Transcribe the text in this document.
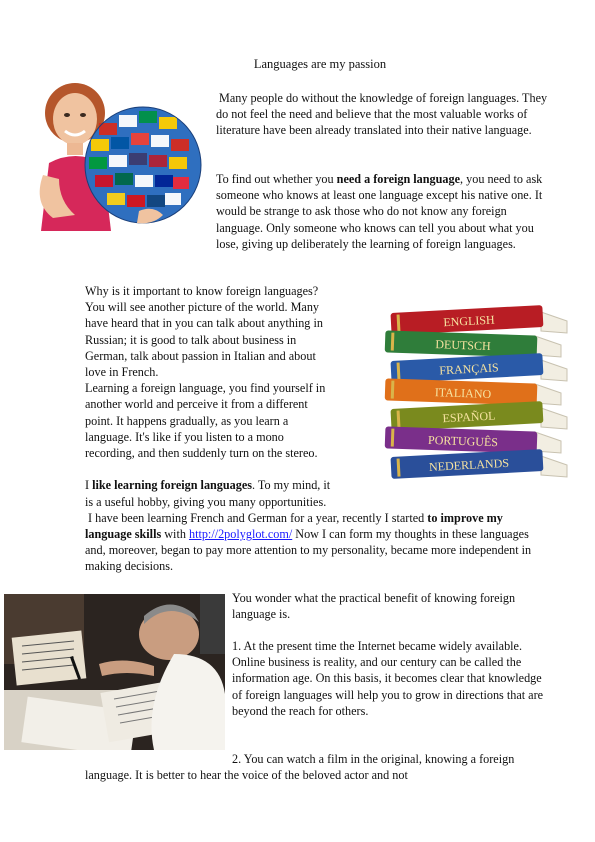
Languages are my passion

Many people do without the knowledge of foreign languages. They do not feel the need and believe that the most valuable works of literature have been already translated into their native language.

To find out whether you need a foreign language, you need to ask someone who knows at least one language except his native one. It would be strange to ask those who do not know any foreign language. Only someone who knows can tell you about what you lose, giving up deliberately the learning of foreign languages.

ENGLISH
DEUTSCH
FRANÇAIS
ITALIANO
ESPAÑOL
PORTUGUÊS
NEDERLANDS

Why is it important to know foreign languages? You will see another picture of the world. Many have heard that in you can talk about anything in Russian; it is good to talk about business in German, talk about passion in Italian and about love in French.
Learning a foreign language, you find yourself in another world and perceive it from a different point. It happens gradually, as you learn a language. It's like if you listen to a mono recording, and then suddenly turn on the stereo.

I like learning foreign languages. To my mind, it is a useful hobby, giving you many opportunities.
I have been learning French and German for a year, recently I started to improve my language skills with http://2polyglot.com/ Now I can form my thoughts in these languages and, moreover, began to pay more attention to my personality, became more independent in making decisions.

You wonder what the practical benefit of knowing foreign language is.

1. At the present time the Internet became widely available. Online business is reality, and our century can be called the information age. On this basis, it becomes clear that knowledge of foreign languages will help you to grow in directions that are beyond the reach for others.

2. You can watch a film in the original, knowing a foreign language. It is better to hear the voice of the beloved actor and not
